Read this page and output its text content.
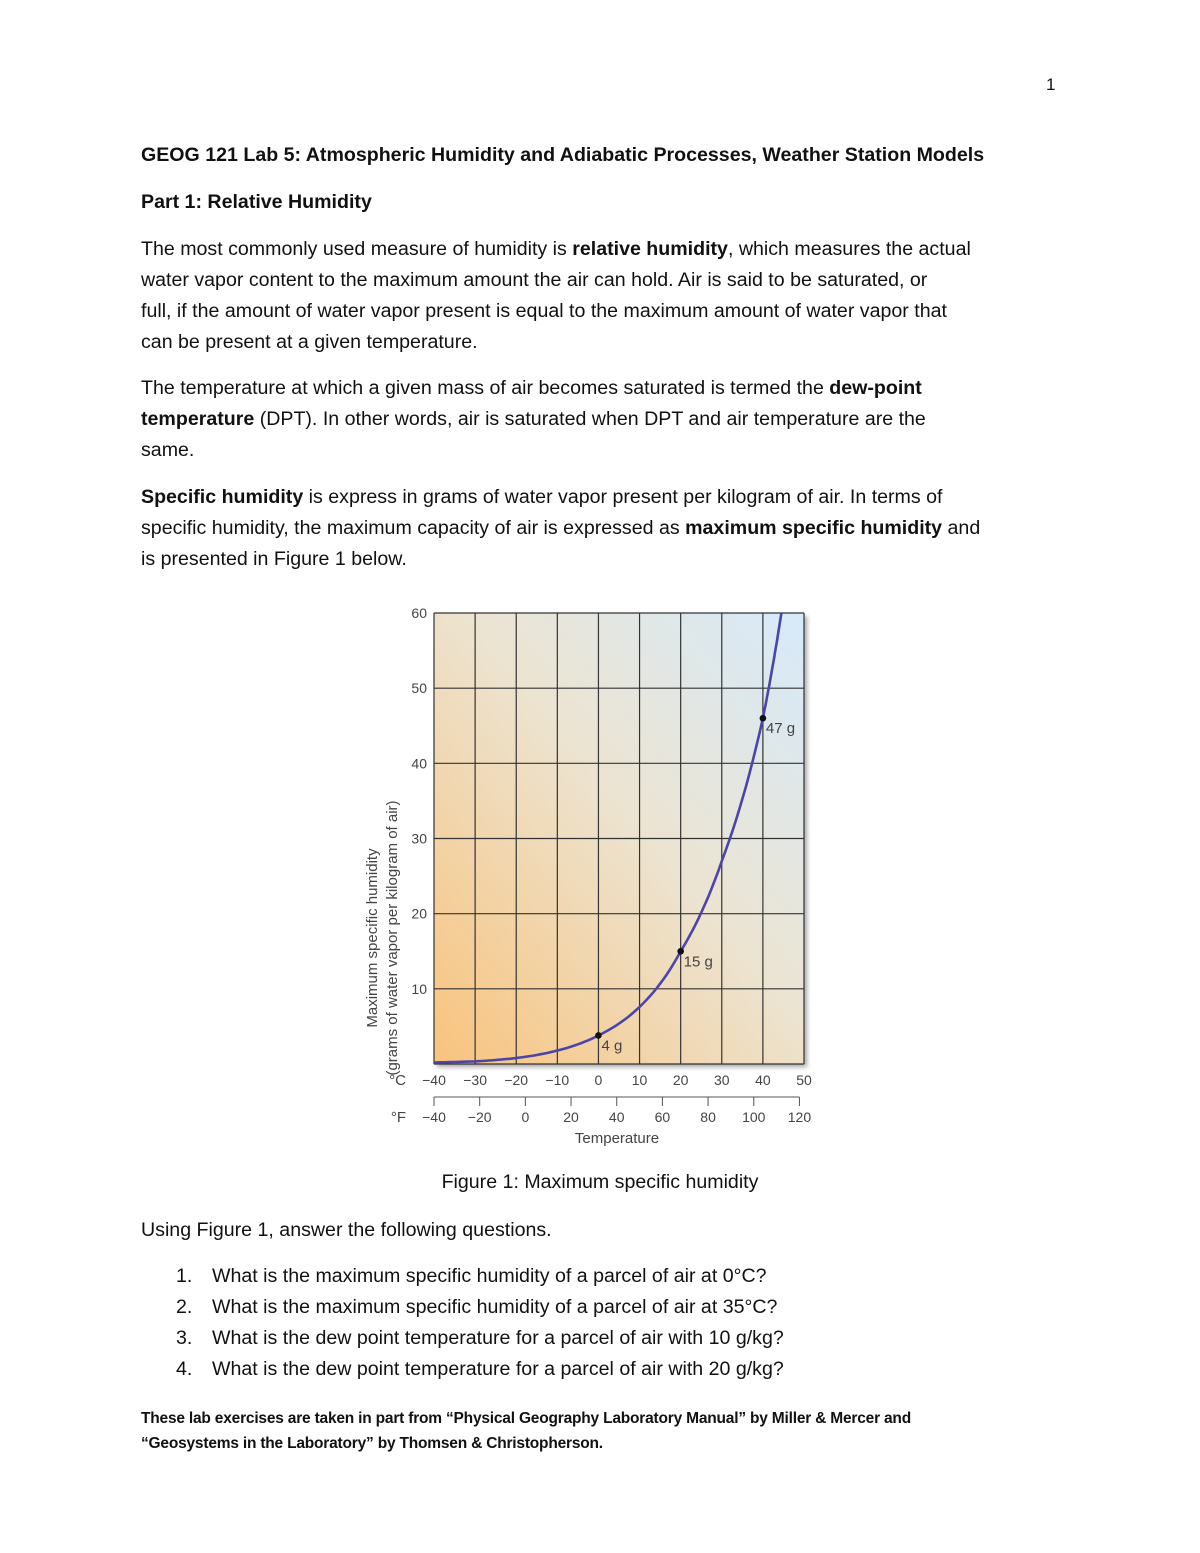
1
GEOG 121 Lab 5: Atmospheric Humidity and Adiabatic Processes, Weather Station Models
Part 1: Relative Humidity
The most commonly used measure of humidity is relative humidity, which measures the actual
water vapor content to the maximum amount the air can hold. Air is said to be saturated, or
full, if the amount of water vapor present is equal to the maximum amount of water vapor that
can be present at a given temperature.
The temperature at which a given mass of air becomes saturated is termed the dew-point
temperature (DPT). In other words, air is saturated when DPT and air temperature are the
same.
Specific humidity is express in grams of water vapor present per kilogram of air. In terms of
specific humidity, the maximum capacity of air is expressed as maximum specific humidity and
is presented in Figure 1 below.
4 g
15 g
47 g
−40 −30 −20 −10 0 10 20 30 40 50
10
20
30
40
50
60
−40 −20 0 20 40 60 80 100 120
Maximum specific humidity (grams of water vapor per kilogram of air)
Temperature
°C
°F
Figure 1: Maximum specific humidity
Using Figure 1, answer the following questions.
1. What is the maximum specific humidity of a parcel of air at 0°C?
2. What is the maximum specific humidity of a parcel of air at 35°C?
3. What is the dew point temperature for a parcel of air with 10 g/kg?
4. What is the dew point temperature for a parcel of air with 20 g/kg?
These lab exercises are taken in part from “Physical Geography Laboratory Manual” by Miller & Mercer and
“Geosystems in the Laboratory” by Thomsen & Christopherson.
